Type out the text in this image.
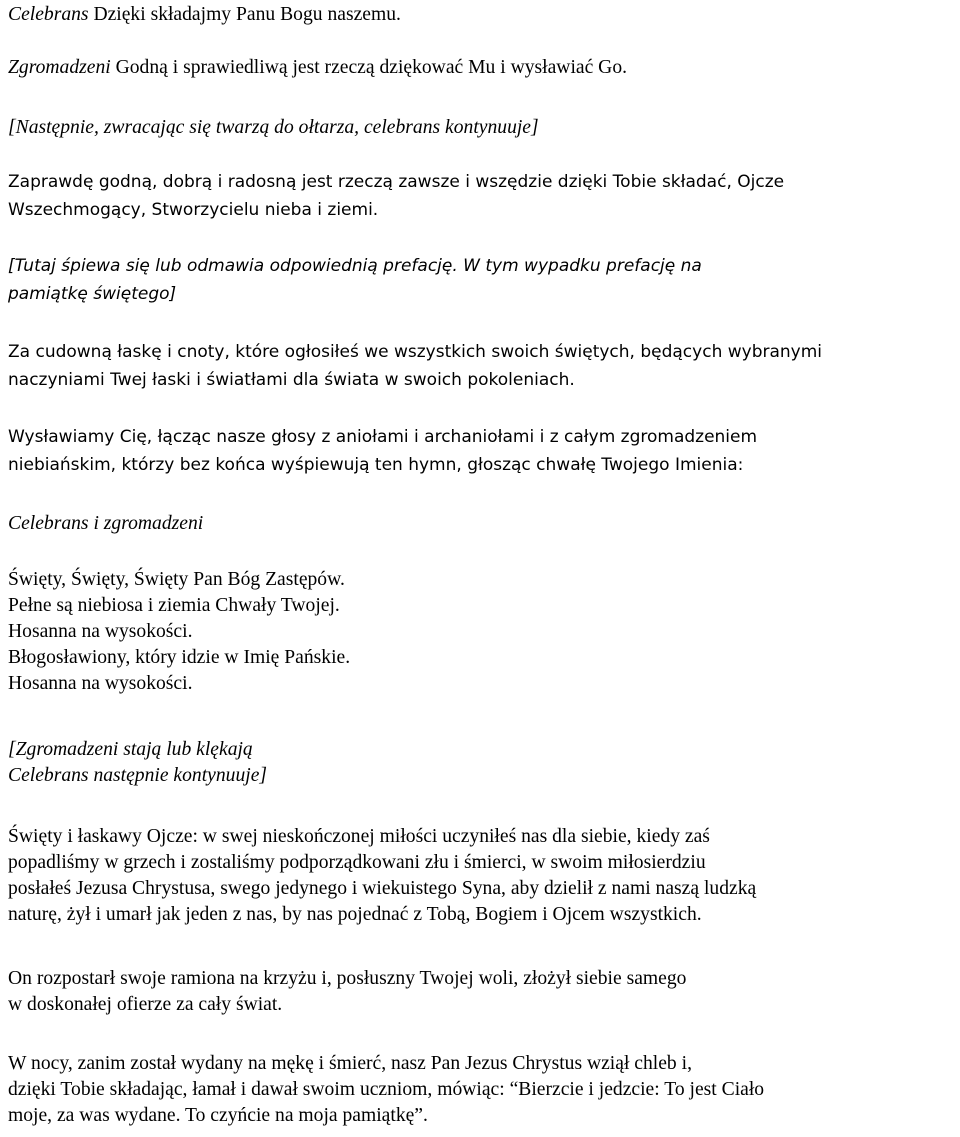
Celebrans Dzięki składajmy Panu Bogu naszemu.
Zgromadzeni Godną i sprawiedliwą jest rzeczą dziękować Mu i wysławiać Go.
[Następnie, zwracając się twarzą do ołtarza, celebrans kontynuuje]
Zaprawdę godną, dobrą i radosną jest rzeczą zawsze i wszędzie dzięki Tobie składać, Ojcze
Wszechmogący, Stworzycielu nieba i ziemi.
[Tutaj śpiewa się lub odmawia odpowiednią prefację. W tym wypadku prefację na
pamiątkę świętego]
Za cudowną łaskę i cnoty, które ogłosiłeś we wszystkich swoich świętych, będących wybranymi
naczyniami Twej łaski i światłami dla świata w swoich pokoleniach.
Wysławiamy Cię, łącząc nasze głosy z aniołami i archaniołami i z całym zgromadzeniem
niebiańskim, którzy bez końca wyśpiewują ten hymn, głosząc chwałę Twojego Imienia:
Celebrans i zgromadzeni
Święty, Święty, Święty Pan Bóg Zastępów.
Pełne są niebiosa i ziemia Chwały Twojej.
Hosanna na wysokości.
Błogosławiony, który idzie w Imię Pańskie.
Hosanna na wysokości.
[Zgromadzeni stają lub klękają
Celebrans następnie kontynuuje]
Święty i łaskawy Ojcze: w swej nieskończonej miłości uczyniłeś nas dla siebie, kiedy zaś
popadliśmy w grzech i zostaliśmy podporządkowani złu i śmierci, w swoim miłosierdziu
posłałeś Jezusa Chrystusa, swego jedynego i wiekuistego Syna, aby dzielił z nami naszą ludzką
naturę, żył i umarł jak jeden z nas, by nas pojednać z Tobą, Bogiem i Ojcem wszystkich.
On rozpostarł swoje ramiona na krzyżu i, posłuszny Twojej woli, złożył siebie samego
w doskonałej ofierze za cały świat.
W nocy, zanim został wydany na mękę i śmierć, nasz Pan Jezus Chrystus wziął chleb i,
dzięki Tobie składając, łamał i dawał swoim uczniom, mówiąc: “Bierzcie i jedzcie: To jest Ciało
moje, za was wydane. To czyńcie na moja pamiątkę”.
